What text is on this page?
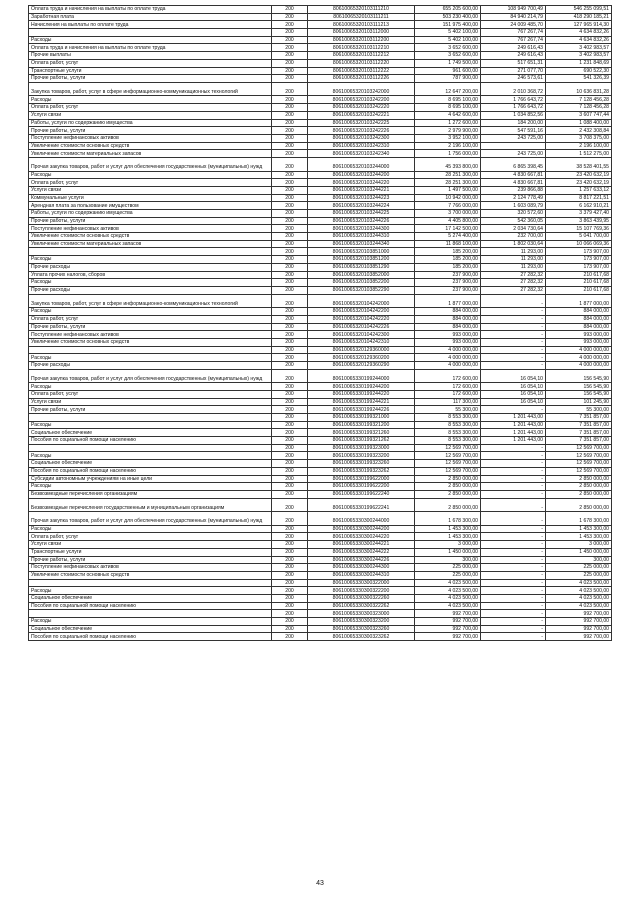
Оплата труда и начисления на выплаты по оплате труда	200	80610065320103111210	655 205 600,00	108 949 700,49	546 255 099,51
Заработная плата	200	80610065320103111211	503 230 400,00	84 940 214,79	418 290 185,21
Начисления на выплаты по оплате труда	200	80610065320103111213	151 975 400,00	24 009 485,70	127 965 914,30
	200	80610065320103112000	5 402 100,00	767 267,74	4 634 832,26
Расходы	200	80610065320103112200	5 402 100,00	767 267,74	4 634 832,26
Оплата труда и начисления на выплаты по оплате труда	200	80610065320103112210	3 652 600,00	249 616,43	3 402 983,57
Прочие выплаты	200	80610065320103112212	3 652 600,00	249 616,43	3 402 983,57
Оплата работ, услуг	200	80610065320103112220	1 749 500,00	517 651,31	1 231 848,69
Транспортные услуги	200	80610065320103112222	961 600,00	271 077,70	690 522,30
Прочие работы, услуги	200	80610065320103112226	787 900,00	246 573,61	541 326,39
Закупка товаров, работ, услуг в сфере информационно-коммуникационных технологий	200	80610065320103242000	12 647 200,00	2 010 368,72	10 636 831,28
Расходы	200	80610065320103242200	8 695 100,00	1 766 643,72	7 128 456,28
Оплата работ, услуг	200	80610065320103242220	8 695 100,00	1 766 643,72	7 128 456,28
Услуги связи	200	80610065320103242221	4 642 600,00	1 034 852,56	3 607 747,44
Работы, услуги по содержанию имущества	200	80610065320103242225	1 272 600,00	184 200,00	1 088 400,00
Прочие работы, услуги	200	80610065320103242226	2 979 900,00	547 591,16	2 432 308,84
Поступление нефинансовых активов	200	80610065320103242300	3 952 100,00	243 725,00	3 708 375,00
Увеличение стоимости основных средств	200	80610065320103242310	2 196 100,00		2 196 100,00
Увеличение стоимости материальных запасов	200	80610065320103242340	1 756 000,00	243 725,00	1 512 275,00
Прочая закупка товаров, работ и услуг для обеспечения государственных (муниципальных) нужд	200	80610065320103244000	45 393 800,00	6 865 398,45	38 528 401,55
Расходы	200	80610065320103244200	28 251 300,00	4 830 667,81	23 420 632,19
Оплата работ, услуг	200	80610065320103244220	28 251 300,00	4 830 667,81	23 420 632,19
Услуги связи	200	80610065320103244221	1 497 500,00	239 866,88	1 257 633,12
Коммунальные услуги	200	80610065320103244223	10 942 000,00	2 124 778,49	8 817 221,51
Арендная плата за пользование имуществом	200	80610065320103244224	7 766 000,00	1 603 089,79	6 162 910,21
Работы, услуги по содержанию имущества	200	80610065320103244225	3 700 000,00	320 572,60	3 379 427,40
Прочие работы, услуги	200	80610065320103244226	4 405 800,00	542 360,05	3 863 439,95
Поступление нефинансовых активов	200	80610065320103244300	17 142 500,00	2 034 730,64	15 107 769,36
Увеличение стоимости основных средств	200	80610065320103244310	5 274 400,00	232 700,00	5 041 700,00
Увеличение стоимости материальных запасов	200	80610065320103244340	11 868 100,00	1 802 030,64	10 066 069,36
	200	80610065320103851000	185 200,00	11 293,00	173 907,00
Расходы	200	80610065320103851200	185 200,00	11 293,00	173 907,00
Прочие расходы	200	80610065320103851290	185 200,00	11 293,00	173 907,00
Уплата прочих налогов, сборов	200	80610065320103852000	237 900,00	27 282,32	210 617,68
Расходы	200	80610065320103852200	237 900,00	27 282,32	210 617,68
Прочие расходы	200	80610065320103852290	237 900,00	27 282,32	210 617,68
Закупка товаров, работ, услуг в сфере информационно-коммуникационных технологий	200	80610065320104242000	1 877 000,00	-	1 877 000,00
Расходы	200	80610065320104242200	884 000,00	-	884 000,00
Оплата работ, услуг	200	80610065320104242220	884 000,00	-	884 000,00
Прочие работы, услуги	200	80610065320104242226	884 000,00	-	884 000,00
Поступление нефинансовых активов	200	80610065320104242300	993 000,00	-	993 000,00
Увеличение стоимости основных средств	200	80610065320104242310	993 000,00	-	993 000,00
	200	80610065320129360000	4 000 000,00	-	4 000 000,00
Расходы	200	80610065320129360200	4 000 000,00	-	4 000 000,00
Прочие расходы	200	80610065320129360290	4 000 000,00	-	4 000 000,00
Прочая закупка товаров, работ и услуг для обеспечения государственных (муниципальных) нужд	200	80610065330199244000	172 600,00	16 054,10	156 545,90
Расходы	200	80610065330199244200	172 600,00	16 054,10	156 545,90
Оплата работ, услуг	200	80610065330199244220	172 600,00	16 054,10	156 545,90
Услуги связи	200	80610065330199244221	117 300,00	16 054,10	101 245,90
Прочие работы, услуги	200	80610065330199244226	55 300,00	-	55 300,00
	200	80610065330199321000	8 553 300,00	1 201 443,00	7 351 857,00
Расходы	200	80610065330199321200	8 553 300,00	1 201 443,00	7 351 857,00
Социальное обеспечение	200	80610065330199321260	8 553 300,00	1 201 443,00	7 351 857,00
Пособия по социальной помощи населению	200	80610065330199321262	8 553 300,00	1 201 443,00	7 351 857,00
	200	80610065330199323000	12 569 700,00	-	12 569 700,00
Расходы	200	80610065330199323200	12 569 700,00	-	12 569 700,00
Социальное обеспечение	200	80610065330199323260	12 569 700,00	-	12 569 700,00
Пособия по социальной помощи населению	200	80610065330199323262	12 569 700,00	-	12 569 700,00
Субсидии автономным учреждениям на иные цели	200	80610065330199622000	2 850 000,00	-	2 850 000,00
Расходы	200	80610065330199622200	2 850 000,00	-	2 850 000,00
Безвозмездные перечисления организациям	200	80610065330199622240	2 850 000,00	-	2 850 000,00
Безвозмездные перечисления государственным и муниципальным организациям	200	80610065330199622241	2 850 000,00	-	2 850 000,00
Прочая закупка товаров, работ и услуг для обеспечения государственных (муниципальных) нужд	200	80610065330300244000	1 678 300,00	-	1 678 300,00
Расходы	200	80610065330300244200	1 453 300,00	-	1 453 300,00
Оплата работ, услуг	200	80610065330300244220	1 453 300,00	-	1 453 300,00
Услуги связи	200	80610065330300244221	3 000,00	-	3 000,00
Транспортные услуги	200	80610065330300244222	1 450 000,00	-	1 450 000,00
Прочие работы, услуги	200	80610065330300244226	300,00	-	300,00
Поступление нефинансовых активов	200	80610065330300244300	225 000,00	-	225 000,00
Увеличение стоимости основных средств	200	80610065330300244310	225 000,00	-	225 000,00
	200	80610065330300322000	4 023 500,00	-	4 023 500,00
Расходы	200	80610065330300322200	4 023 500,00	-	4 023 500,00
Социальное обеспечение	200	80610065330300322260	4 023 500,00	-	4 023 500,00
Пособия по социальной помощи населению	200	80610065330300322262	4 023 500,00	-	4 023 500,00
	200	80610065330300323000	992 700,00	-	992 700,00
Расходы	200	80610065330300323200	992 700,00	-	992 700,00
Социальное обеспечение	200	80610065330300323260	992 700,00	-	992 700,00
Пособия по социальной помощи населению	200	80610065330300323262	992 700,00	-	992 700,00
43
